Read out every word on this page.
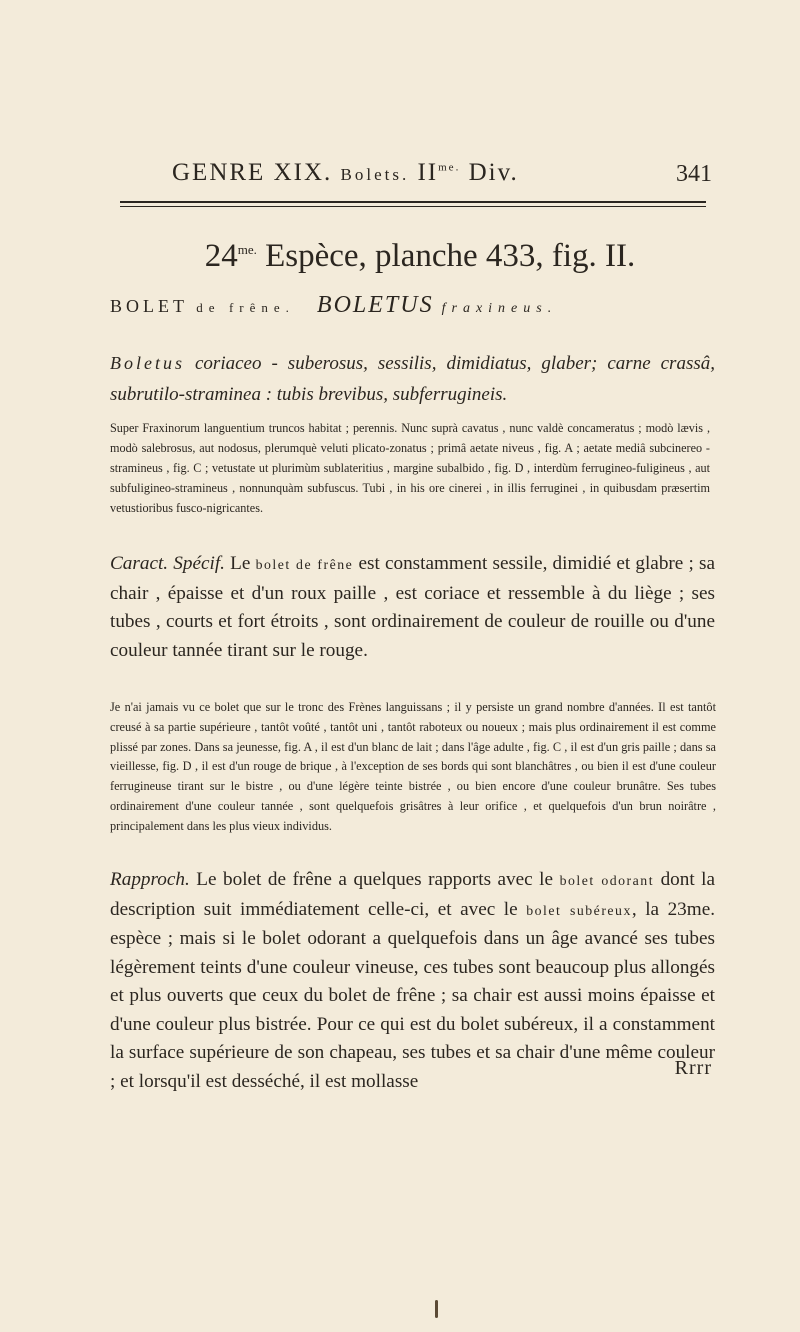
GENRE XIX. Bolets. $II^{me.}$ Div.	341
$24^{me.}$ Espèce, planche 433, fig. II.
BOLET de frêne. BOLETUS fraxineus.
Boletus coriaceo - suberosus, sessilis, dimidiatus, glaber; carne crassâ, subrutilo-straminea : tubis brevibus, subferrugineis.
Super Fraxinorum languentium truncos habitat ; perennis. Nunc suprà cavatus , nunc valdè concameratus ; modò lævis , modò salebrosus, aut nodosus, plerumquè veluti plicato-zonatus ; primâ aetate niveus , fig. A ; aetate mediâ subcinereo - stramineus , fig. C ; vetustate ut plurimùm sublateritius , margine subalbido , fig. D , interdùm ferrugineo-fuligineus , aut subfuligineo-stramineus , nonnunquàm subfuscus. Tubi , in his ore cinerei , in illis ferruginei , in quibusdam præsertim vetustioribus fusco-nigricantes.
Caract. Spécif. Le bolet de frêne est constamment sessile, dimidié et glabre ; sa chair , épaisse et d'un roux paille , est coriace et ressemble à du liège ; ses tubes , courts et fort étroits , sont ordinairement de couleur de rouille ou d'une couleur tannée tirant sur le rouge.
Je n'ai jamais vu ce bolet que sur le tronc des Frènes languissans ; il y persiste un grand nombre d'années. Il est tantôt creusé à sa partie supérieure , tantôt voûté , tantôt uni , tantôt raboteux ou noueux ; mais plus ordinairement il est comme plissé par zones. Dans sa jeunesse, fig. A , il est d'un blanc de lait ; dans l'âge adulte , fig. C , il est d'un gris paille ; dans sa vieillesse, fig. D , il est d'un rouge de brique , à l'exception de ses bords qui sont blanchâtres , ou bien il est d'une couleur ferrugineuse tirant sur le bistre , ou d'une légère teinte bistrée , ou bien encore d'une couleur brunâtre. Ses tubes ordinairement d'une couleur tannée , sont quelquefois grisâtres à leur orifice , et quelquefois d'un brun noirâtre , principalement dans les plus vieux individus.
Rapproch. Le bolet de frêne a quelques rapports avec le bolet odorant dont la description suit immédiatement celle-ci, et avec le bolet subéreux, la 23me. espèce ; mais si le bolet odorant a quelquefois dans un âge avancé ses tubes légèrement teints d'une couleur vineuse, ces tubes sont beaucoup plus allongés et plus ouverts que ceux du bolet de frêne ; sa chair est aussi moins épaisse et d'une couleur plus bistrée. Pour ce qui est du bolet subéreux, il a constamment la surface supérieure de son chapeau, ses tubes et sa chair d'une même couleur ; et lorsqu'il est desséché, il est mollasse
Rrrr
